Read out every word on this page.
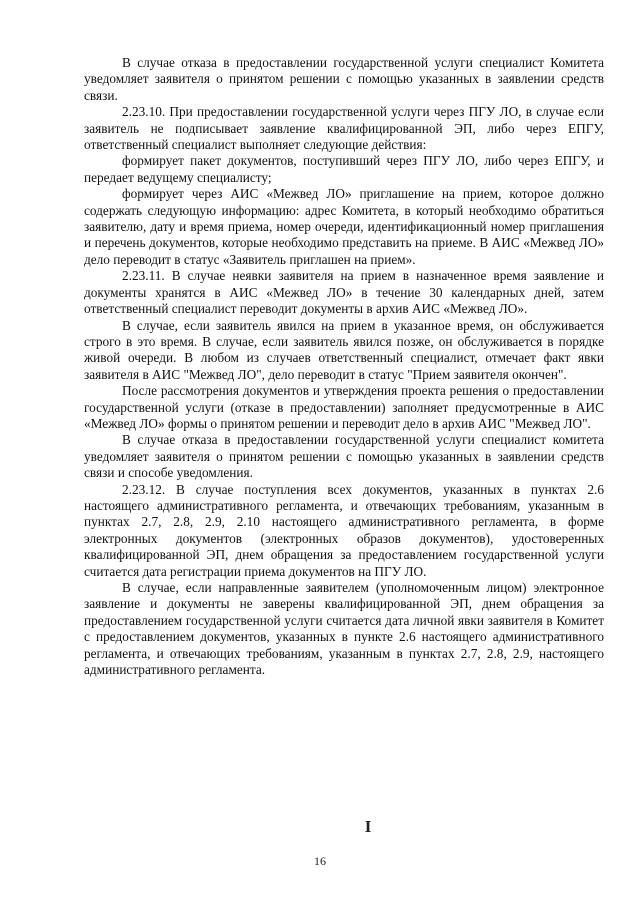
В случае отказа в предоставлении государственной услуги специалист Комитета уведомляет заявителя о принятом решении с помощью указанных в заявлении средств связи.

2.23.10. При предоставлении государственной услуги через ПГУ ЛО, в случае если заявитель не подписывает заявление квалифицированной ЭП, либо через ЕПГУ, ответственный специалист выполняет следующие действия:

формирует пакет документов, поступивший через ПГУ ЛО, либо через ЕПГУ, и передает ведущему специалисту;

формирует через АИС «Межвед ЛО» приглашение на прием, которое должно содержать следующую информацию: адрес Комитета, в который необходимо обратиться заявителю, дату и время приема, номер очереди, идентификационный номер приглашения и перечень документов, которые необходимо представить на приеме. В АИС «Межвед ЛО» дело переводит в статус «Заявитель приглашен на прием».

2.23.11. В случае неявки заявителя на прием в назначенное время заявление и документы хранятся в АИС «Межвед ЛО» в течение 30 календарных дней, затем ответственный специалист переводит документы в архив АИС «Межвед ЛО».

В случае, если заявитель явился на прием в указанное время, он обслуживается строго в это время. В случае, если заявитель явился позже, он обслуживается в порядке живой очереди. В любом из случаев ответственный специалист, отмечает факт явки заявителя в АИС "Межвед ЛО", дело переводит в статус "Прием заявителя окончен".

После рассмотрения документов и утверждения проекта решения о предоставлении государственной услуги (отказе в предоставлении) заполняет предусмотренные в АИС «Межвед ЛО» формы о принятом решении и переводит дело в архив АИС "Межвед ЛО".

В случае отказа в предоставлении государственной услуги специалист комитета уведомляет заявителя о принятом решении с помощью указанных в заявлении средств связи и способе уведомления.

2.23.12. В случае поступления всех документов, указанных в пунктах 2.6 настоящего административного регламента, и отвечающих требованиям, указанным в пунктах 2.7, 2.8, 2.9, 2.10 настоящего административного регламента, в форме электронных документов (электронных образов документов), удостоверенных квалифицированной ЭП, днем обращения за предоставлением государственной услуги считается дата регистрации приема документов на ПГУ ЛО.

В случае, если направленные заявителем (уполномоченным лицом) электронное заявление и документы не заверены квалифицированной ЭП, днем обращения за предоставлением государственной услуги считается дата личной явки заявителя в Комитет с предоставлением документов, указанных в пункте 2.6 настоящего административного регламента, и отвечающих требованиям, указанным в пунктах 2.7, 2.8, 2.9, настоящего административного регламента.

I
16
